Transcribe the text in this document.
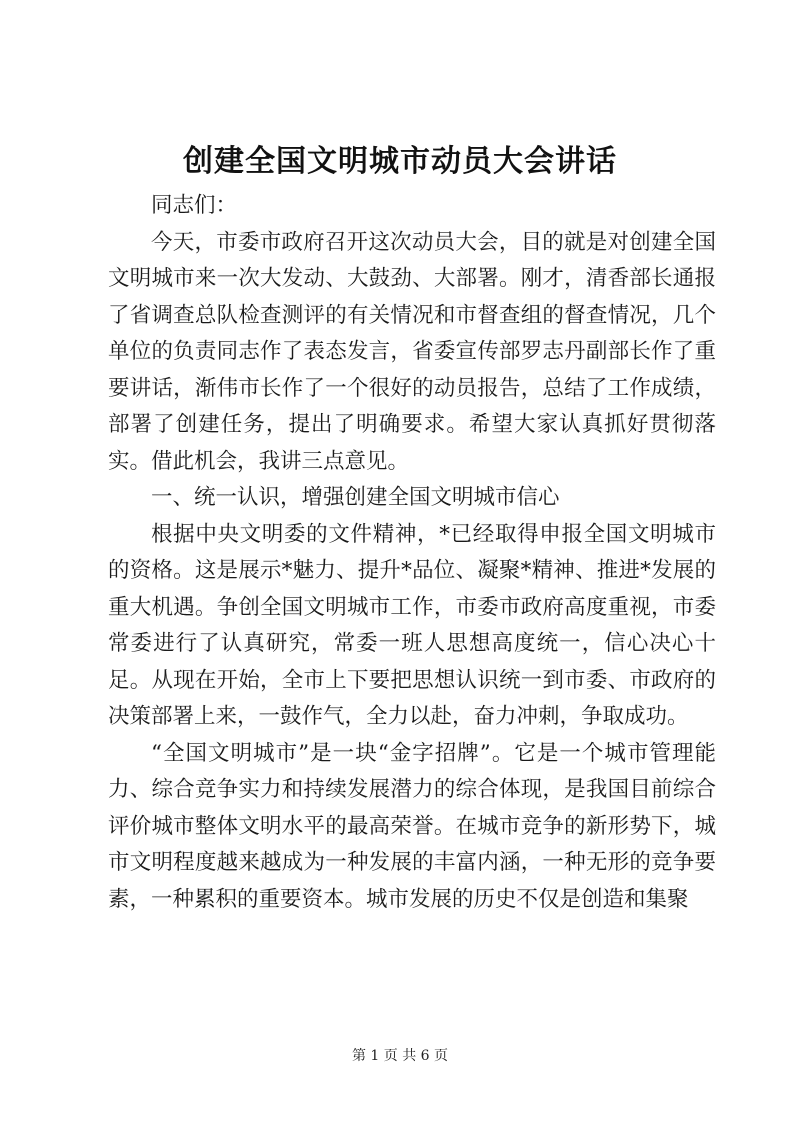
创建全国文明城市动员大会讲话

同志们：

今天，市委市政府召开这次动员大会，目的就是对创建全国文明城市来一次大发动、大鼓劲、大部署。刚才，清香部长通报了省调查总队检查测评的有关情况和市督查组的督查情况，几个单位的负责同志作了表态发言，省委宣传部罗志丹副部长作了重要讲话，渐伟市长作了一个很好的动员报告，总结了工作成绩，部署了创建任务，提出了明确要求。希望大家认真抓好贯彻落实。借此机会，我讲三点意见。

一、统一认识，增强创建全国文明城市信心

根据中央文明委的文件精神，*已经取得申报全国文明城市的资格。这是展示*魅力、提升*品位、凝聚*精神、推进*发展的重大机遇。争创全国文明城市工作，市委市政府高度重视，市委常委进行了认真研究，常委一班人思想高度统一，信心决心十足。从现在开始，全市上下要把思想认识统一到市委、市政府的决策部署上来，一鼓作气，全力以赴，奋力冲刺，争取成功。

“全国文明城市”是一块“金字招牌”。它是一个城市管理能力、综合竞争实力和持续发展潜力的综合体现，是我国目前综合评价城市整体文明水平的最高荣誉。在城市竞争的新形势下，城市文明程度越来越成为一种发展的丰富内涵，一种无形的竞争要素，一种累积的重要资本。城市发展的历史不仅是创造和集聚

第 1 页 共 6 页
